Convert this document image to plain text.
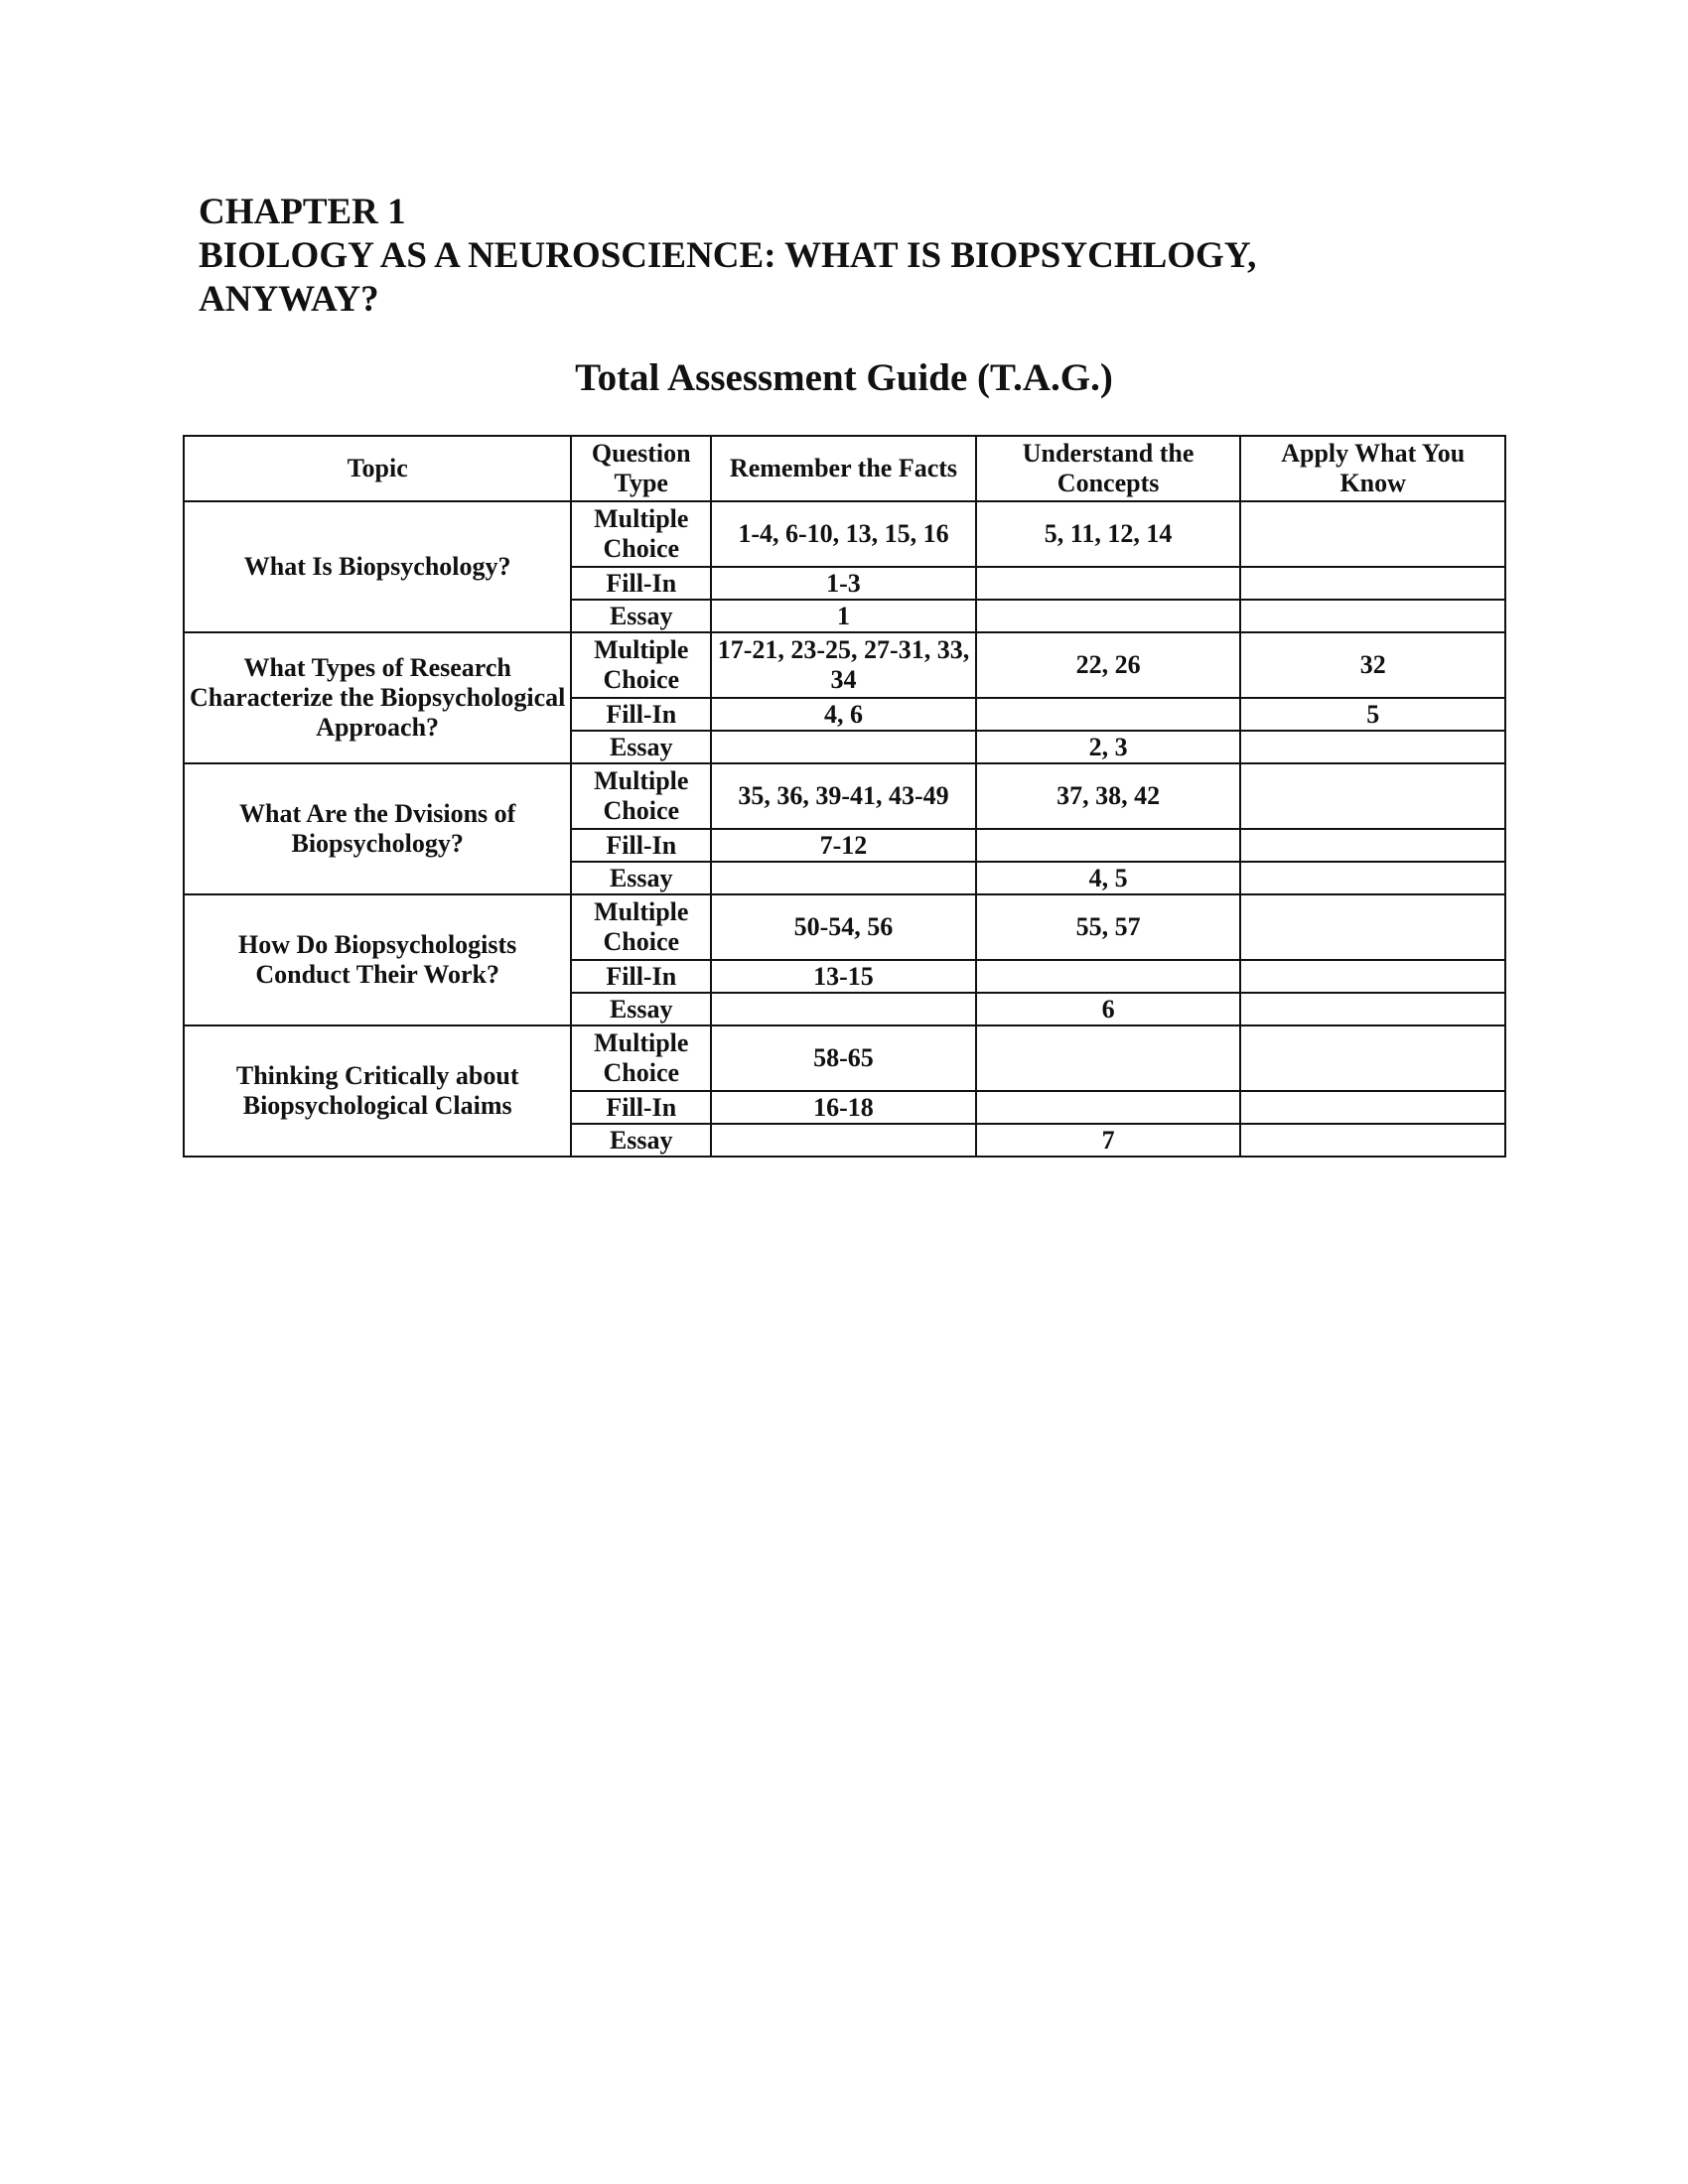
CHAPTER 1
BIOLOGY AS A NEUROSCIENCE: WHAT IS BIOPSYCHLOGY,
ANYWAY?
Total Assessment Guide (T.A.G.)
Topic	Question Type	Remember the Facts	Understand the Concepts	Apply What You Know
What Is Biopsychology?	Multiple Choice	1-4, 6-10, 13, 15, 16	5, 11, 12, 14	
	Fill-In	1-3		
	Essay	1		
What Types of Research Characterize the Biopsychological Approach?	Multiple Choice	17-21, 23-25, 27-31, 33, 34	22, 26	32
	Fill-In	4, 6		5
	Essay		2, 3	
What Are the Dvisions of Biopsychology?	Multiple Choice	35, 36, 39-41, 43-49	37, 38, 42	
	Fill-In	7-12		
	Essay		4, 5	
How Do Biopsychologists Conduct Their Work?	Multiple Choice	50-54, 56	55, 57	
	Fill-In	13-15		
	Essay		6	
Thinking Critically about Biopsychological Claims	Multiple Choice	58-65		
	Fill-In	16-18		
	Essay		7	
